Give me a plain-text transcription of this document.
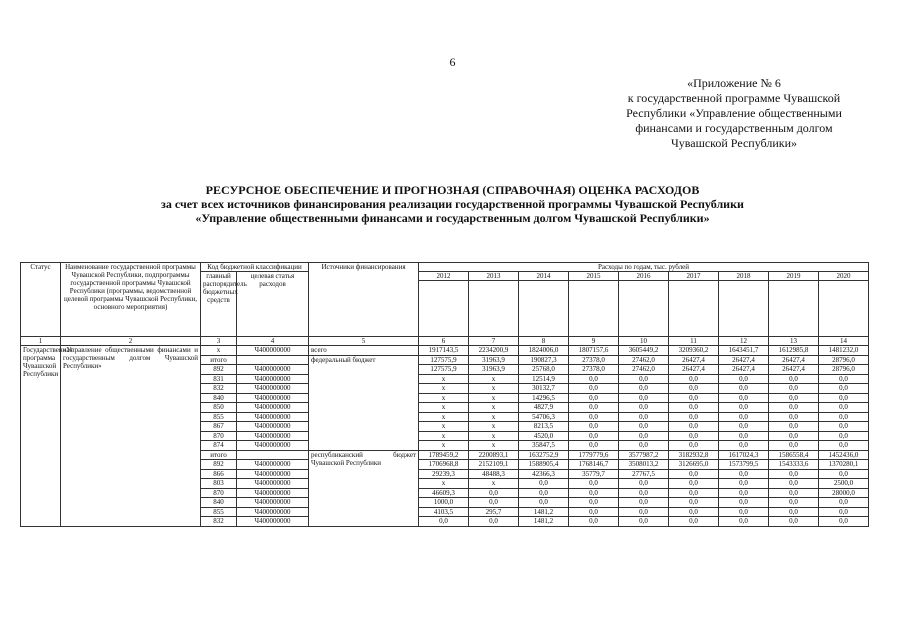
6
«Приложение № 6
к государственной программе Чувашской
Республики «Управление общественными
финансами и государственным долгом
Чувашской Республики»
РЕСУРСНОЕ ОБЕСПЕЧЕНИЕ И ПРОГНОЗНАЯ (СПРАВОЧНАЯ) ОЦЕНКА РАСХОДОВ
за счет всех источников финансирования реализации государственной программы Чувашской Республики
«Управление общественными финансами и государственным долгом Чувашской Республики»
Статус	Наименование государственной программы Чувашской Республики, подпрограммы государственной программы Чувашской Республики (программы, ведомственной целевой программы Чувашской Республики, основного мероприятия)	Код бюджетной классификации		Источники финансирования	Расходы по годам, тыс. рублей								
		главный распорядитель бюджетных средств	целевая статья расходов		2012	2013	2014	2015	2016	2017	2018	2019	2020

1	2	3	4	5	6	7	8	9	10	11	12	13	14
Государственная программа Чувашской Республики	«Управление общественными финансами и государственным долгом Чувашской Республики»	х	Ч400000000	всего	1917143,5	2234200,9	1824006,0	1807157,6	3605449,2	3209360,2	1643451,7	1612985,8	1481232,0
		итого		федеральный бюджет	127575,9	31963,9	190827,3	27378,0	27462,0	26427,4	26427,4	26427,4	28796,0
		892	Ч400000000		127575,9	31963,9	25768,0	27378,0	27462,0	26427,4	26427,4	26427,4	28796,0
		831	Ч400000000		х	х	12514,9	0,0	0,0	0,0	0,0	0,0	0,0
		832	Ч400000000		х	х	30132,7	0,0	0,0	0,0	0,0	0,0	0,0
		840	Ч400000000		х	х	14296,5	0,0	0,0	0,0	0,0	0,0	0,0
		850	Ч400000000		х	х	4827,9	0,0	0,0	0,0	0,0	0,0	0,0
		855	Ч400000000		х	х	54706,3	0,0	0,0	0,0	0,0	0,0	0,0
		867	Ч400000000		х	х	8213,5	0,0	0,0	0,0	0,0	0,0	0,0
		870	Ч400000000		х	х	4520,0	0,0	0,0	0,0	0,0	0,0	0,0
		874	Ч400000000		х	х	35847,5	0,0	0,0	0,0	0,0	0,0	0,0
		итого		республиканский бюджет Чувашской Республики	1789459,2	2200893,1	1632752,9	1779779,6	3577987,2	3182932,8	1617024,3	1586558,4	1452436,0
		892	Ч400000000		1706968,8	2152109,1	1588905,4	1768146,7	3508013,2	3126695,0	1573799,5	1543333,6	1370280,1
		866	Ч400000000		29239,3	48488,3	42366,3	35779,7	27767,5	0,0	0,0	0,0	0,0
		803	Ч400000000		х	х	0,0	0,0	0,0	0,0	0,0	0,0	2500,0
		870	Ч400000000		46609,3	0,0	0,0	0,0	0,0	0,0	0,0	0,0	28000,0
		840	Ч400000000		1000,0	0,0	0,0	0,0	0,0	0,0	0,0	0,0	0,0
		855	Ч400000000		4103,5	295,7	1481,2	0,0	0,0	0,0	0,0	0,0	0,0
		832	Ч400000000		0,0	0,0	1481,2	0,0	0,0	0,0	0,0	0,0	0,0
